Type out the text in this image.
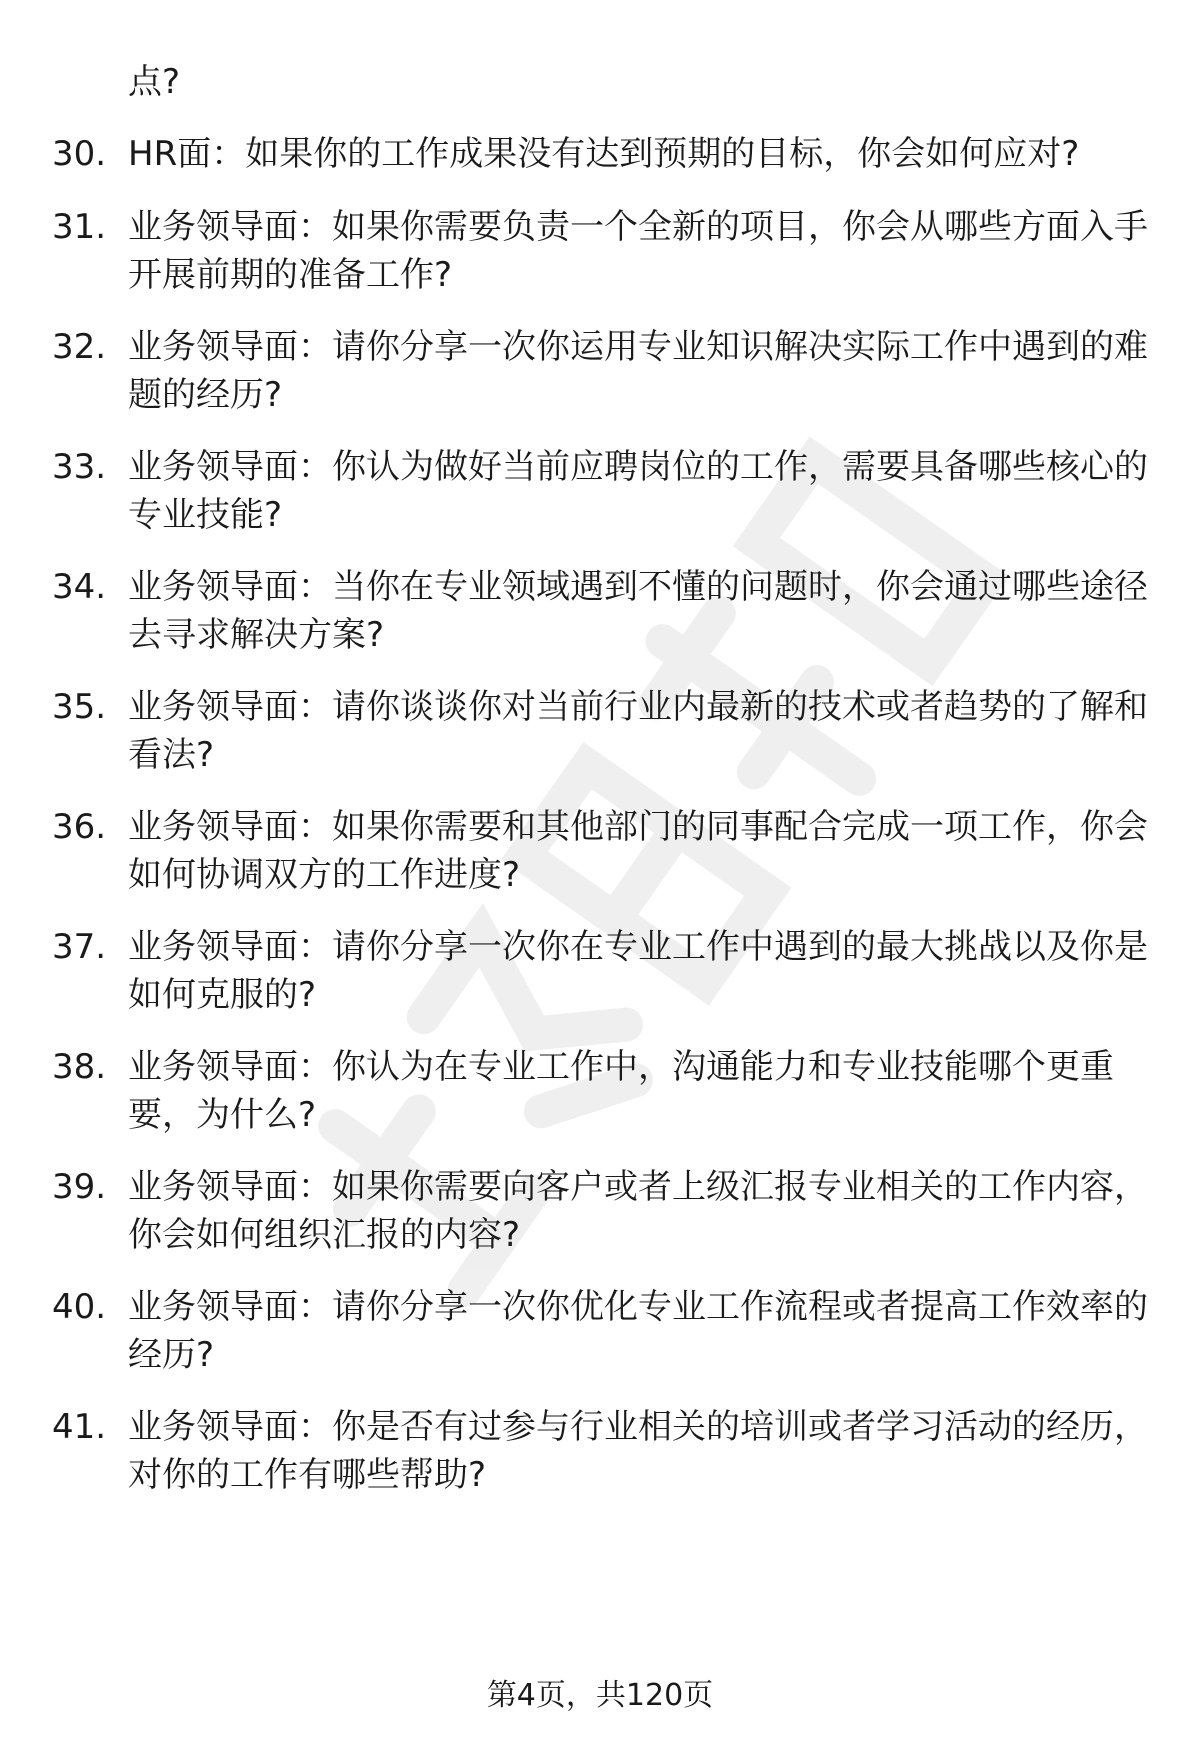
点?
30. HR面：如果你的工作成果没有达到预期的目标，你会如何应对?
31. 业务领导面：如果你需要负责一个全新的项目，你会从哪些方面入手开展前期的准备工作?
32. 业务领导面：请你分享一次你运用专业知识解决实际工作中遇到的难题的经历?
33. 业务领导面：你认为做好当前应聘岗位的工作，需要具备哪些核心的专业技能?
34. 业务领导面：当你在专业领域遇到不懂的问题时，你会通过哪些途径去寻求解决方案?
35. 业务领导面：请你谈谈你对当前行业内最新的技术或者趋势的了解和看法?
36. 业务领导面：如果你需要和其他部门的同事配合完成一项工作，你会如何协调双方的工作进度?
37. 业务领导面：请你分享一次你在专业工作中遇到的最大挑战以及你是如何克服的?
38. 业务领导面：你认为在专业工作中，沟通能力和专业技能哪个更重要，为什么?
39. 业务领导面：如果你需要向客户或者上级汇报专业相关的工作内容，你会如何组织汇报的内容?
40. 业务领导面：请你分享一次你优化专业工作流程或者提高工作效率的经历?
41. 业务领导面：你是否有过参与行业相关的培训或者学习活动的经历，对你的工作有哪些帮助?
第4页，共120页
